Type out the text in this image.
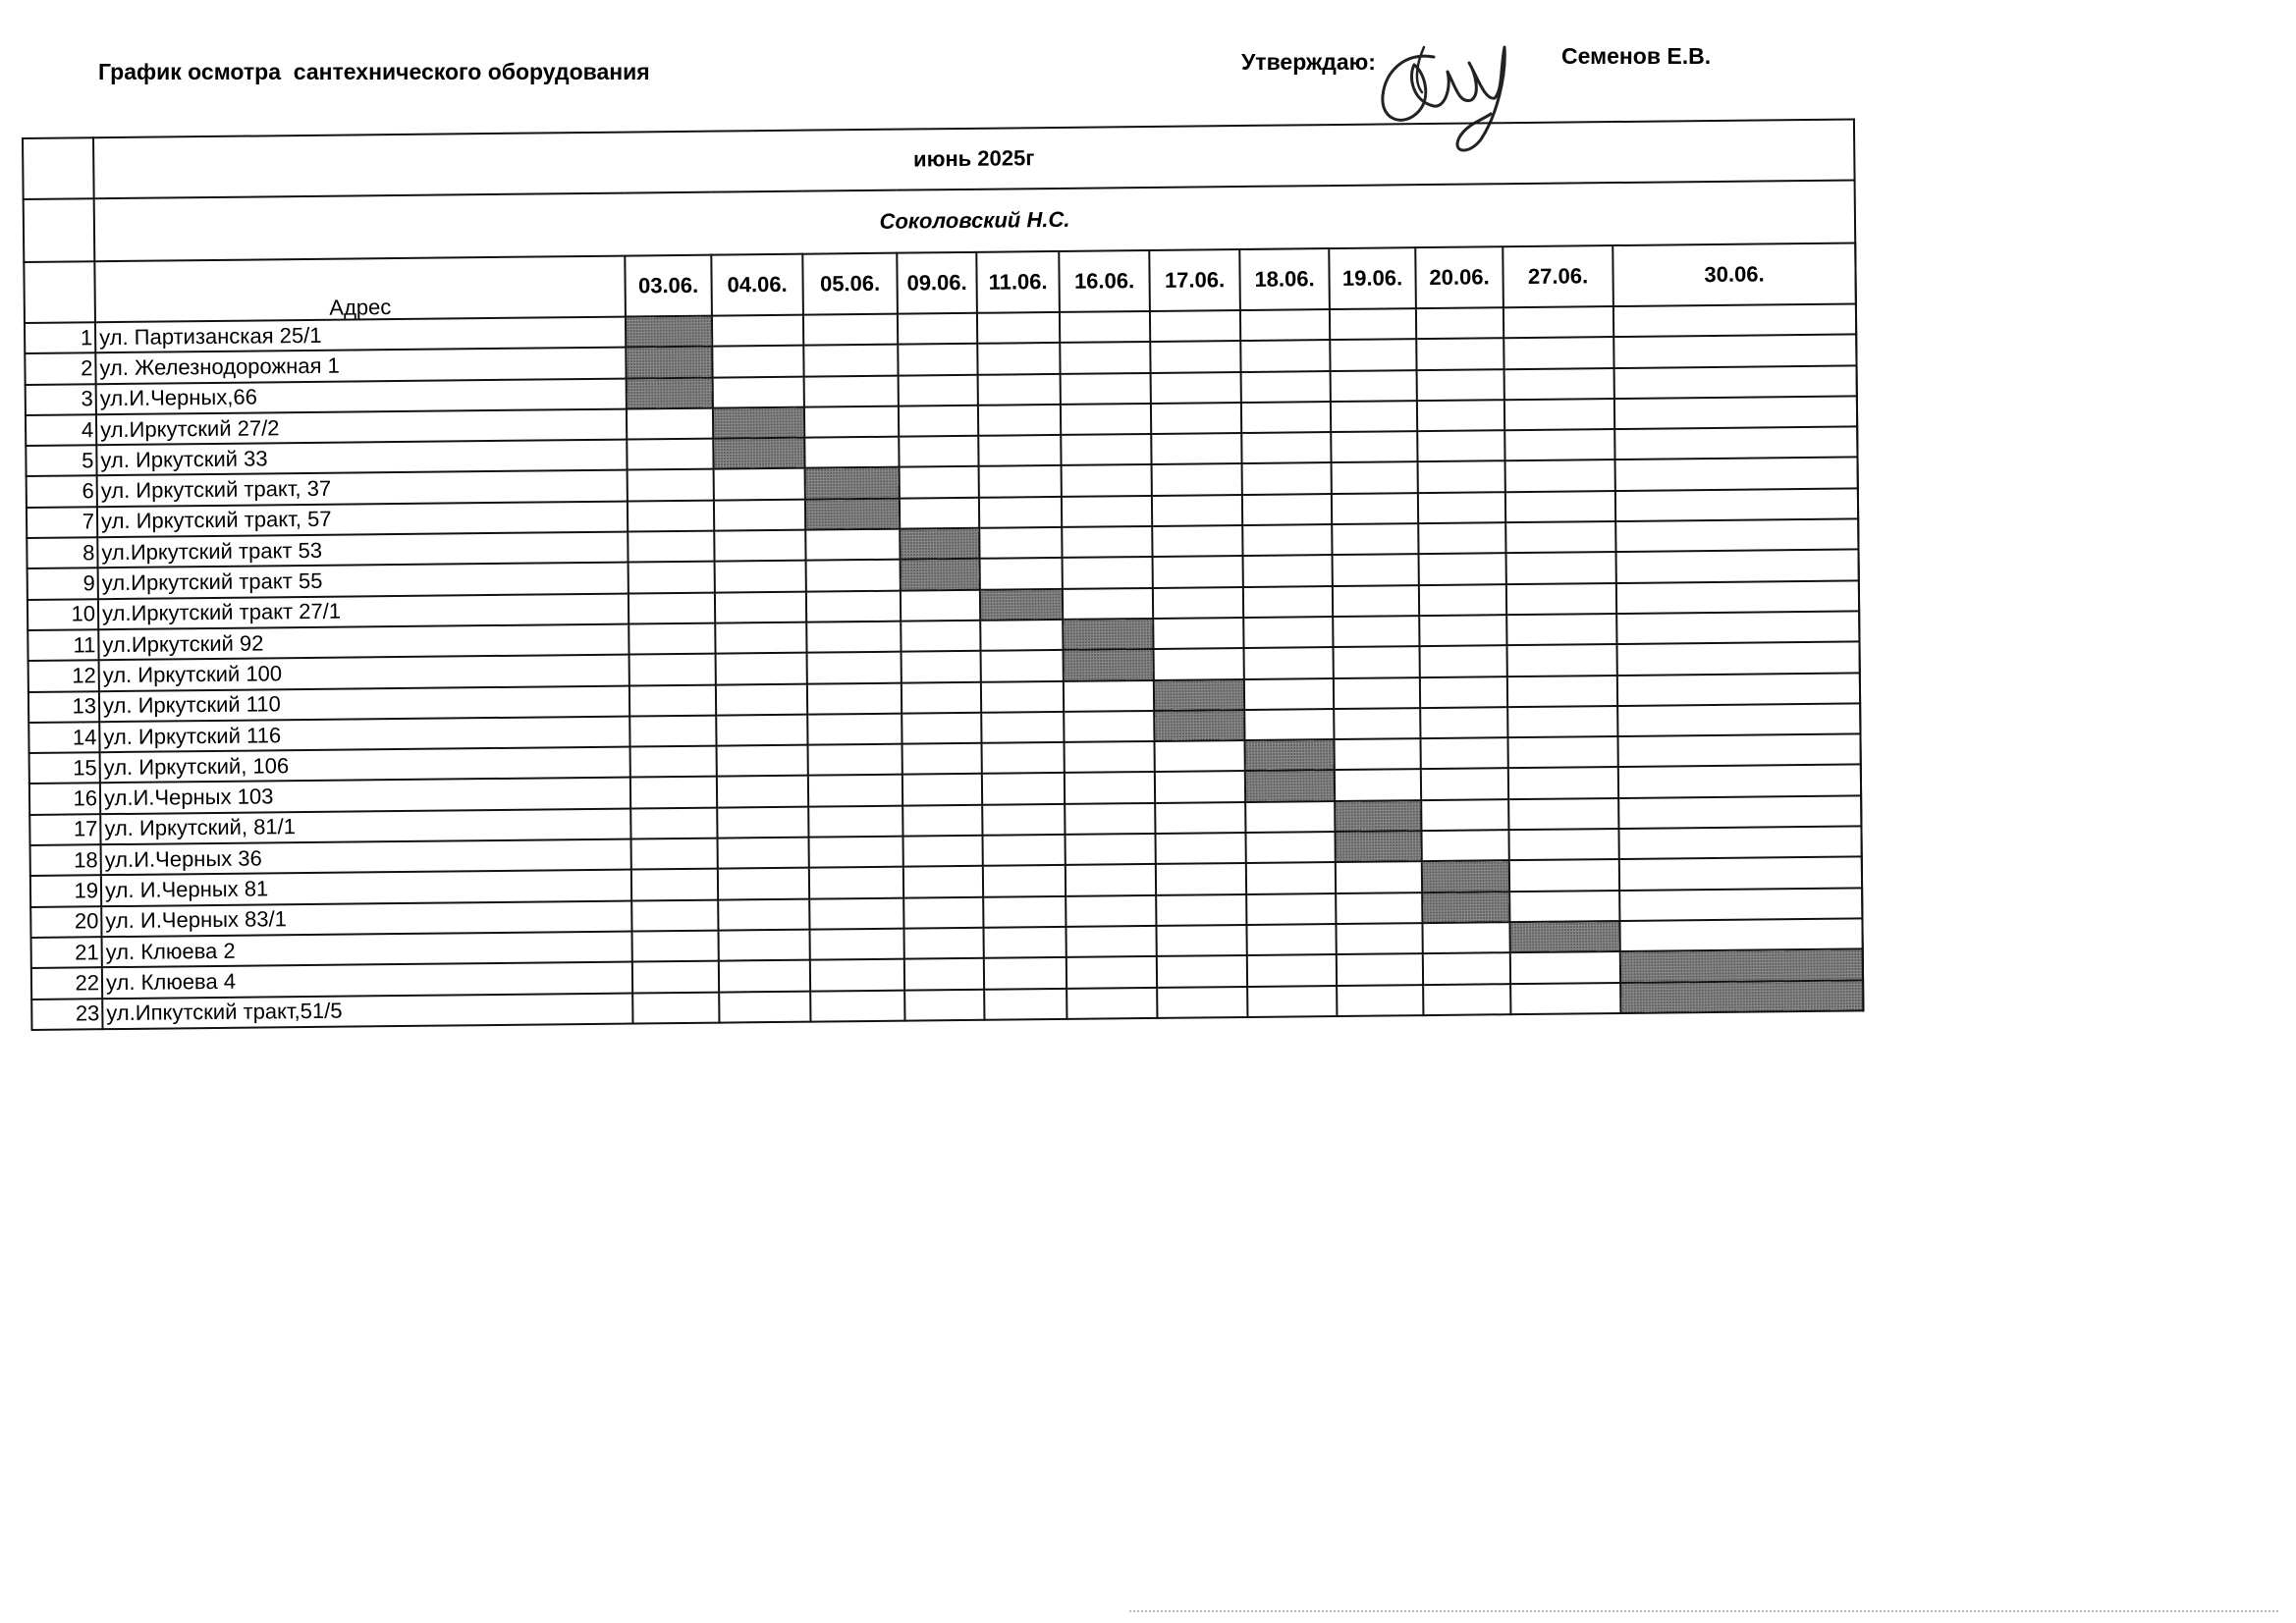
График осмотра  сантехнического оборудования	Утверждаю:	Семенов Е.В.
	июнь 2025г													
	Соколовский Н.С.													
	Адрес	03.06.	04.06.	05.06.	09.06.	11.06.	16.06.	17.06.	18.06.	19.06.	20.06.	27.06.	30.06.	
1	ул. Партизанская 25/1													
2	ул. Железнодорожная 1													
3	ул.И.Черных,66													
4	ул.Иркутский 27/2													
5	ул. Иркутский 33													
6	ул. Иркутский тракт, 37													
7	ул. Иркутский тракт, 57													
8	ул.Иркутский тракт 53													
9	ул.Иркутский тракт 55													
10	ул.Иркутский тракт 27/1													
11	ул.Иркутский 92													
12	ул. Иркутский 100													
13	ул. Иркутский 110													
14	ул. Иркутский 116													
15	ул. Иркутский, 106													
16	ул.И.Черных 103													
17	ул. Иркутский, 81/1													
18	ул.И.Черных 36													
19	ул. И.Черных 81													
20	ул. И.Черных 83/1													
21	ул. Клюева 2													
22	ул. Клюева 4													
23	ул.Ипкутский тракт,51/5													
